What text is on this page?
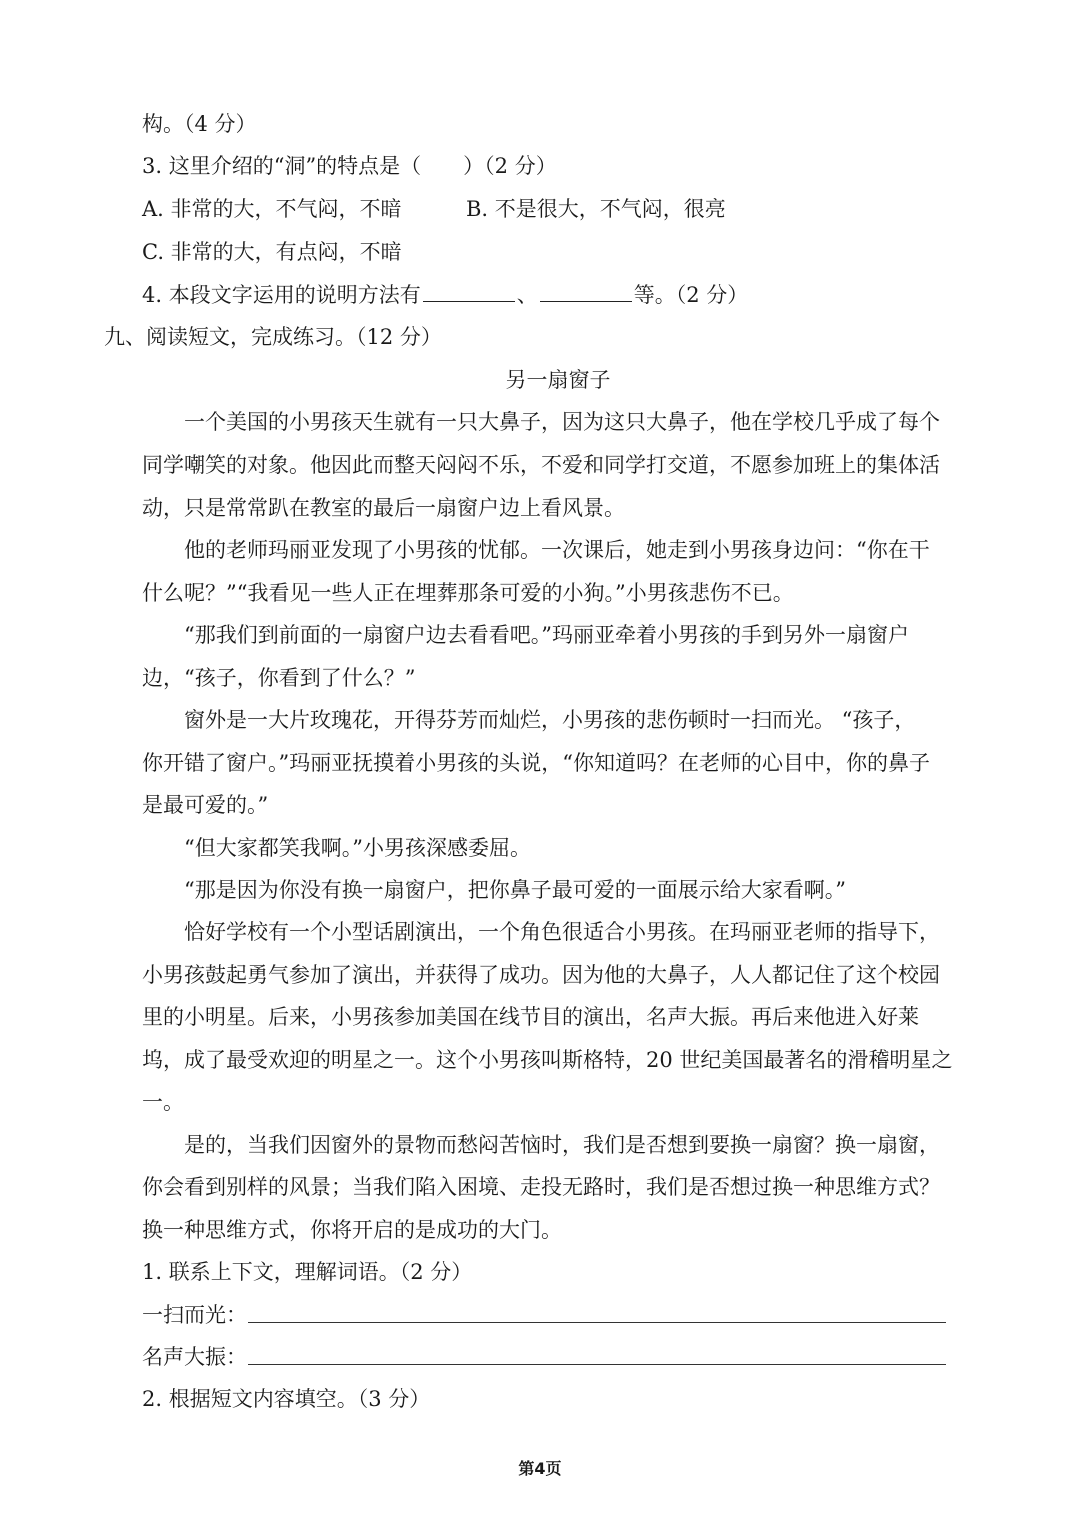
构。（4 分）
3. 这里介绍的“洞”的特点是（　　）（2 分）
A. 非常的大，不气闷，不暗	B. 不是很大，不气闷，很亮
C. 非常的大，有点闷，不暗
4. 本段文字运用的说明方法有	、	等。（2 分）
九、阅读短文，完成练习。（12 分）
另一扇窗子
一个美国的小男孩天生就有一只大鼻子，因为这只大鼻子，他在学校几乎成了每个
同学嘲笑的对象。他因此而整天闷闷不乐，不爱和同学打交道，不愿参加班上的集体活
动，只是常常趴在教室的最后一扇窗户边上看风景。
他的老师玛丽亚发现了小男孩的忧郁。一次课后，她走到小男孩身边问：“你在干
什么呢？”“我看见一些人正在埋葬那条可爱的小狗。”小男孩悲伤不已。
“那我们到前面的一扇窗户边去看看吧。”玛丽亚牵着小男孩的手到另外一扇窗户
边，“孩子，你看到了什么？”
窗外是一大片玫瑰花，开得芬芳而灿烂，小男孩的悲伤顿时一扫而光。 “孩子，
你开错了窗户。”玛丽亚抚摸着小男孩的头说，“你知道吗？在老师的心目中，你的鼻子
是最可爱的。”
“但大家都笑我啊。”小男孩深感委屈。
“那是因为你没有换一扇窗户，把你鼻子最可爱的一面展示给大家看啊。”
恰好学校有一个小型话剧演出，一个角色很适合小男孩。在玛丽亚老师的指导下，
小男孩鼓起勇气参加了演出，并获得了成功。因为他的大鼻子，人人都记住了这个校园
里的小明星。后来，小男孩参加美国在线节目的演出，名声大振。再后来他进入好莱
坞，成了最受欢迎的明星之一。这个小男孩叫斯格特，20 世纪美国最著名的滑稽明星之
一。
是的，当我们因窗外的景物而愁闷苦恼时，我们是否想到要换一扇窗？换一扇窗，
你会看到别样的风景；当我们陷入困境、走投无路时，我们是否想过换一种思维方式？
换一种思维方式，你将开启的是成功的大门。
1. 联系上下文，理解词语。（2 分）
一扫而光：
名声大振：
2. 根据短文内容填空。（3 分）
第4页
